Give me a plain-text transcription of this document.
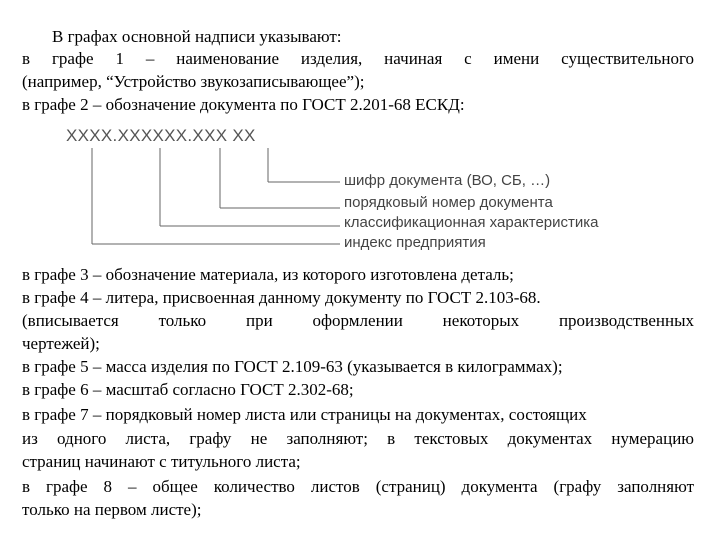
В графах основной надписи указывают:
в графе 1 – наименование изделия, начиная с имени существительного
(например, “Устройство звукозаписывающее”);
в графе 2 – обозначение документа по ГОСТ 2.201-68 ЕСКД:
XXXX.XXXXXX.XXX XX
шифр документа (ВО, СБ, …)
порядковый номер документа
классификационная характеристика
индекс предприятия
в графе 3 – обозначение материала, из которого изготовлена деталь;
в графе 4 – литера, присвоенная данному документу по ГОСТ 2.103-68.
(вписывается только при оформлении некоторых производственных
чертежей);
в графе 5 – масса изделия по ГОСТ 2.109-63 (указывается в килограммах);
в графе 6 – масштаб согласно ГОСТ 2.302-68;
в графе 7 – порядковый номер листа или страницы на документах, состоящих
из одного листа, графу не заполняют; в текстовых документах нумерацию
страниц начинают с титульного листа;
в графе 8 – общее количество листов (страниц) документа (графу заполняют
только на первом листе);
